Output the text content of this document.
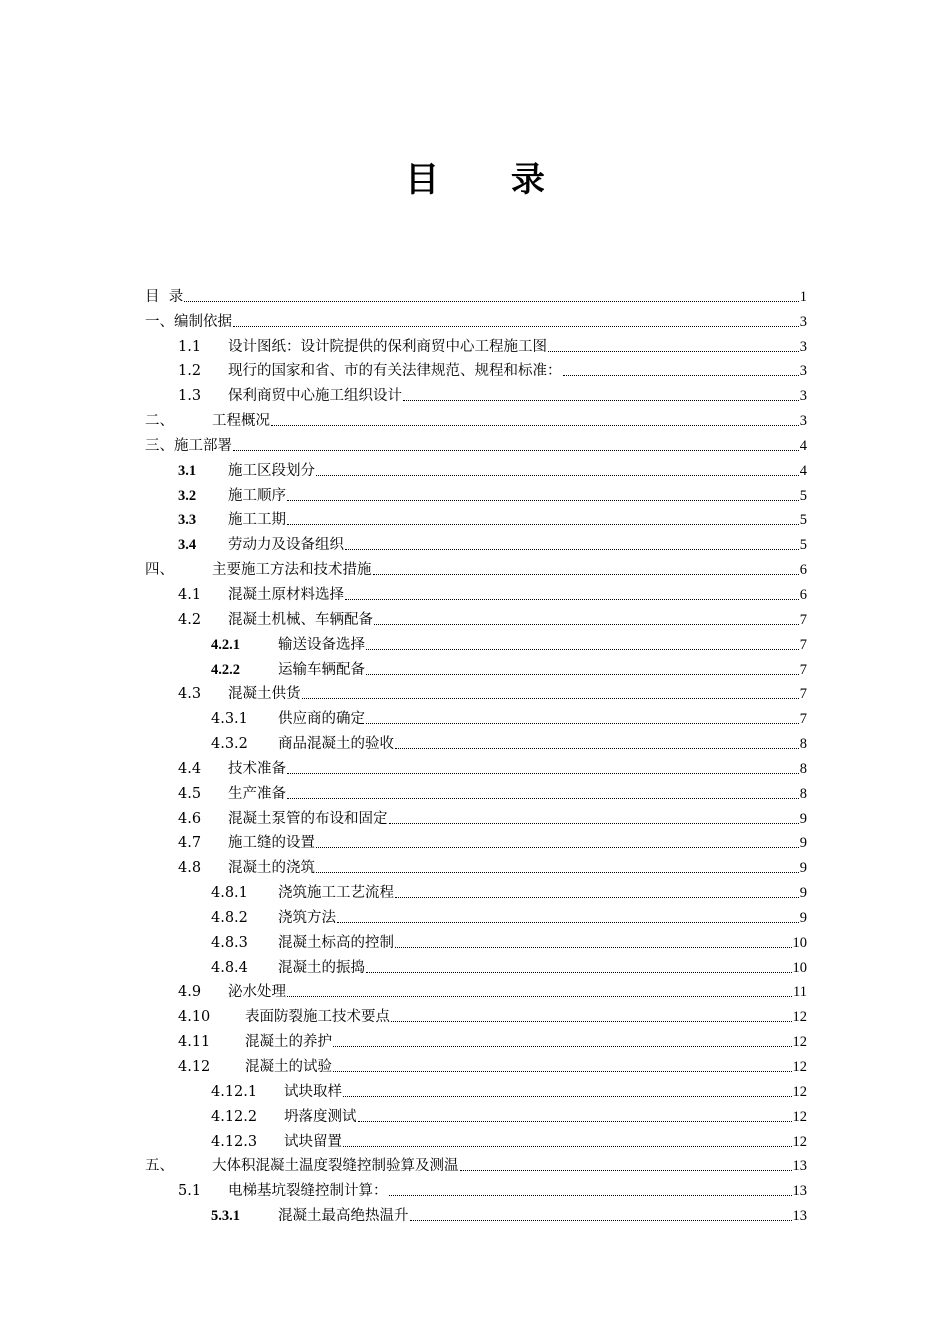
目 录
目  录	1
一、 编制依据	3
1.1	设计图纸：设计院提供的保利商贸中心工程施工图	3
1.2	现行的国家和省、市的有关法律规范、规程和标准：	3
1.3	保利商贸中心施工组织设计	3
二、	工程概况	3
三、 施工部署	4
3.1	施工区段划分	4
3.2	施工顺序	5
3.3	施工工期	5
3.4	劳动力及设备组织	5
四、	主要施工方法和技术措施	6
4.1	混凝土原材料选择	6
4.2	混凝土机械、车辆配备	7
4.2.1	输送设备选择	7
4.2.2	运输车辆配备	7
4.3	混凝土供货	7
4.3.1	供应商的确定	7
4.3.2	商品混凝土的验收	8
4.4	技术准备	8
4.5	生产准备	8
4.6	混凝土泵管的布设和固定	9
4.7	施工缝的设置	9
4.8	混凝土的浇筑	9
4.8.1	浇筑施工工艺流程	9
4.8.2	浇筑方法	9
4.8.3	混凝土标高的控制	10
4.8.4	混凝土的振捣	10
4.9	泌水处理	11
4.10	表面防裂施工技术要点	12
4.11	混凝土的养护	12
4.12	混凝土的试验	12
4.12.1	试块取样	12
4.12.2	坍落度测试	12
4.12.3	试块留置	12
五、	大体积混凝土温度裂缝控制验算及测温	13
5.1	电梯基坑裂缝控制计算：	13
5.3.1	混凝土最高绝热温升	13
